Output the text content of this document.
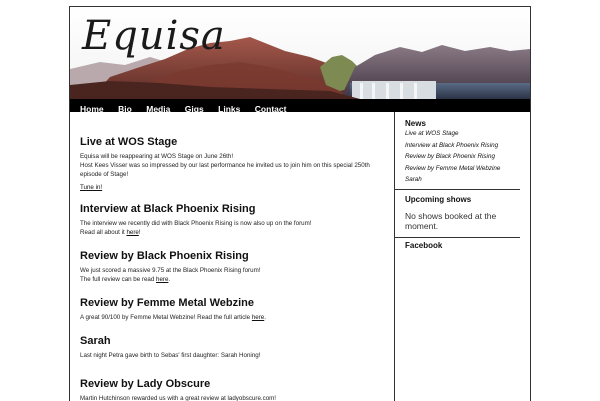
Equisa
Home Bio Media Gigs Links Contact
Live at WOS Stage

Equisa will be reappearing at WOS Stage on June 26th!
Host Kees Visser was so impressed by our last performance he invited us to join him on this special 250th episode of Stage!

Tune in!

Interview at Black Phoenix Rising

The interview we recently did with Black Phoenix Rising is now also up on the forum!
Read all about it here!

Review by Black Phoenix Rising

We just scored a massive 9.75 at the Black Phoenix Rising forum!
The full review can be read here.

Review by Femme Metal Webzine

A great 90/100 by Femme Metal Webzine! Read the full article here.

Sarah

Last night Petra gave birth to Sebas' first daughter: Sarah Honing!

Review by Lady Obscure

Martin Hutchinson rewarded us with a great review at ladyobscure.com!

News
Live at WOS Stage
Interview at Black Phoenix Rising
Review by Black Phoenix Rising
Review by Femme Metal Webzine
Sarah
Upcoming shows
No shows booked at the moment.
Facebook
